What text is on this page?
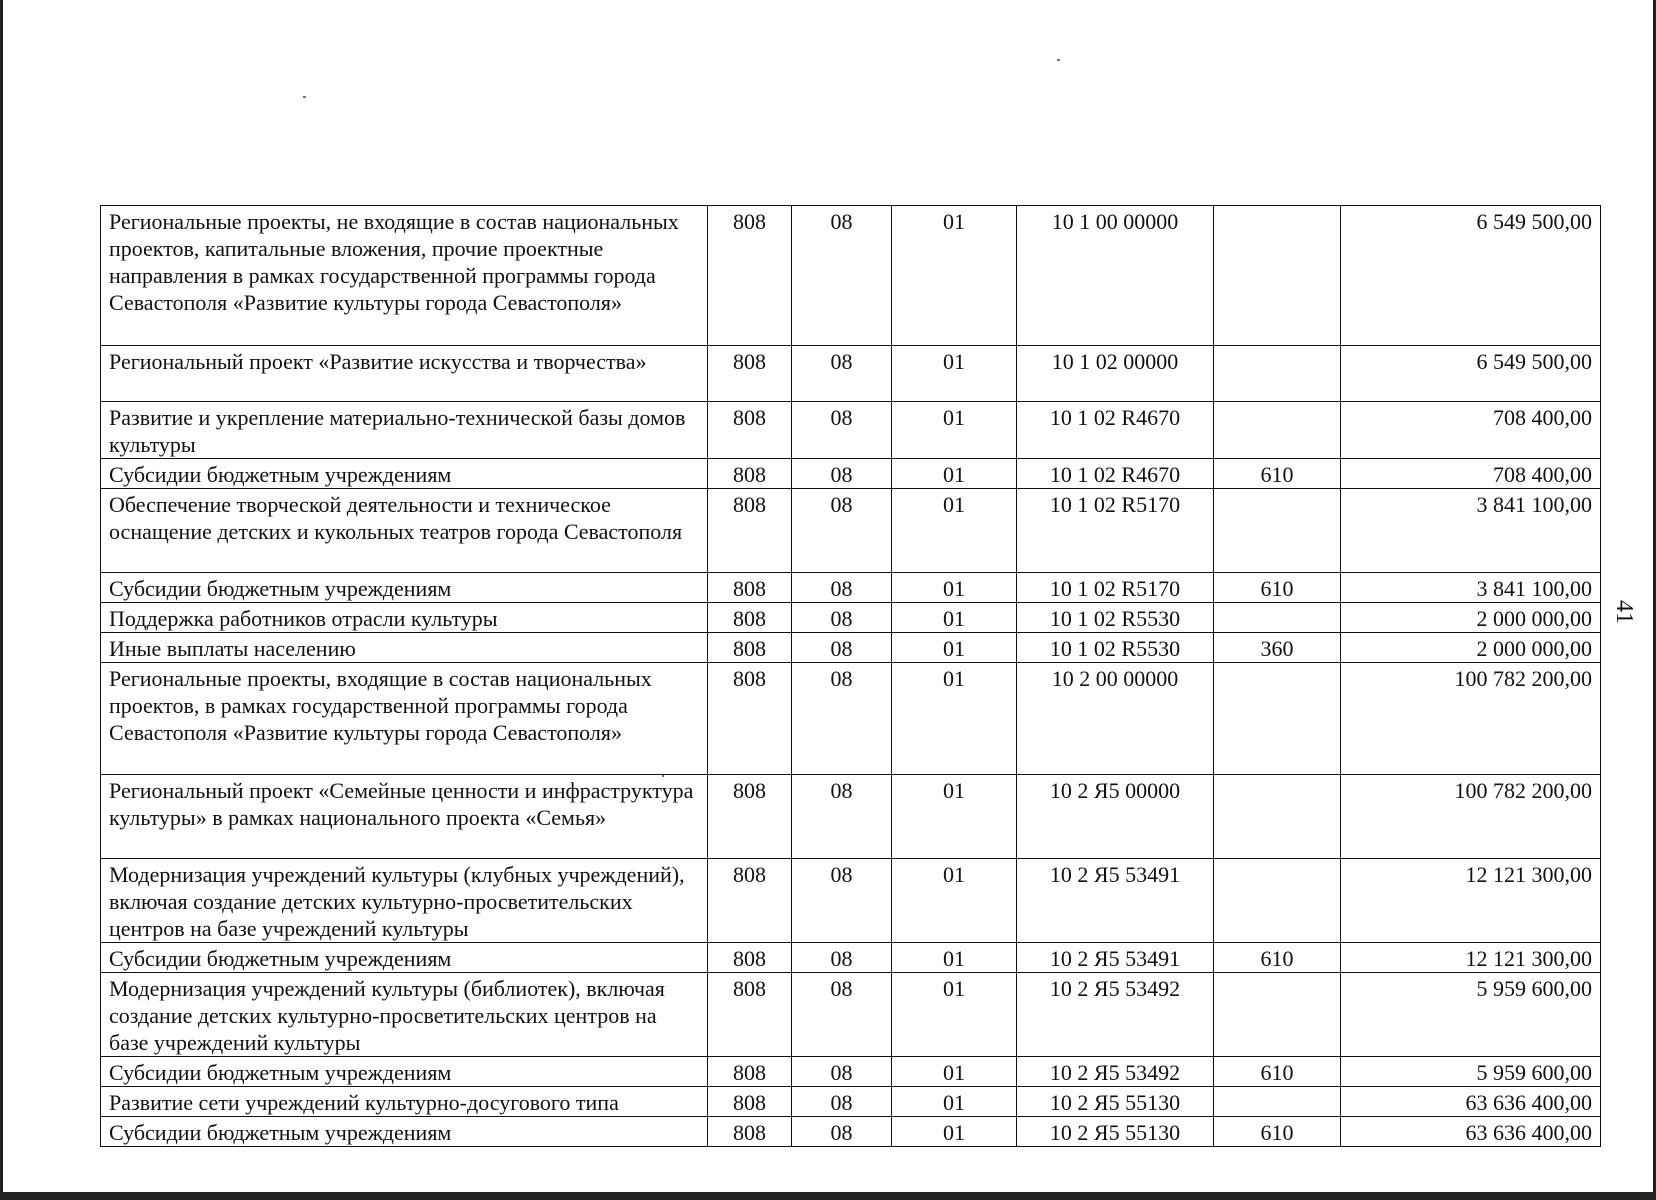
Региональные проекты, не входящие в состав национальных проектов, капитальные вложения, прочие проектные направления в рамках государственной программы города Севастополя «Развитие культуры города Севастополя»	808	08	01	10 1 00 00000		6 549 500,00
Региональный проект «Развитие искусства и творчества»	808	08	01	10 1 02 00000		6 549 500,00
Развитие и укрепление материально-технической базы домов культуры	808	08	01	10 1 02 R4670		708 400,00
Субсидии бюджетным учреждениям	808	08	01	10 1 02 R4670	610	708 400,00
Обеспечение творческой деятельности и техническое оснащение детских и кукольных театров города Севастополя	808	08	01	10 1 02 R5170		3 841 100,00
Субсидии бюджетным учреждениям	808	08	01	10 1 02 R5170	610	3 841 100,00
Поддержка работников отрасли культуры	808	08	01	10 1 02 R5530		2 000 000,00
Иные выплаты населению	808	08	01	10 1 02 R5530	360	2 000 000,00
Региональные проекты, входящие в состав национальных проектов, в рамках государственной программы города Севастополя «Развитие культуры города Севастополя»	808	08	01	10 2 00 00000		100 782 200,00
Региональный проект «Семейные ценности и инфраструктура культуры» в рамках национального проекта «Семья»	808	08	01	10 2 Я5 00000		100 782 200,00
Модернизация учреждений культуры (клубных учреждений), включая создание детских культурно-просветительских центров на базе учреждений культуры	808	08	01	10 2 Я5 53491		12 121 300,00
Субсидии бюджетным учреждениям	808	08	01	10 2 Я5 53491	610	12 121 300,00
Модернизация учреждений культуры (библиотек), включая создание детских культурно-просветительских центров на базе учреждений культуры	808	08	01	10 2 Я5 53492		5 959 600,00
Субсидии бюджетным учреждениям	808	08	01	10 2 Я5 53492	610	5 959 600,00
Развитие сети учреждений культурно-досугового типа	808	08	01	10 2 Я5 55130		63 636 400,00
Субсидии бюджетным учреждениям	808	08	01	10 2 Я5 55130	610	63 636 400,00
41
